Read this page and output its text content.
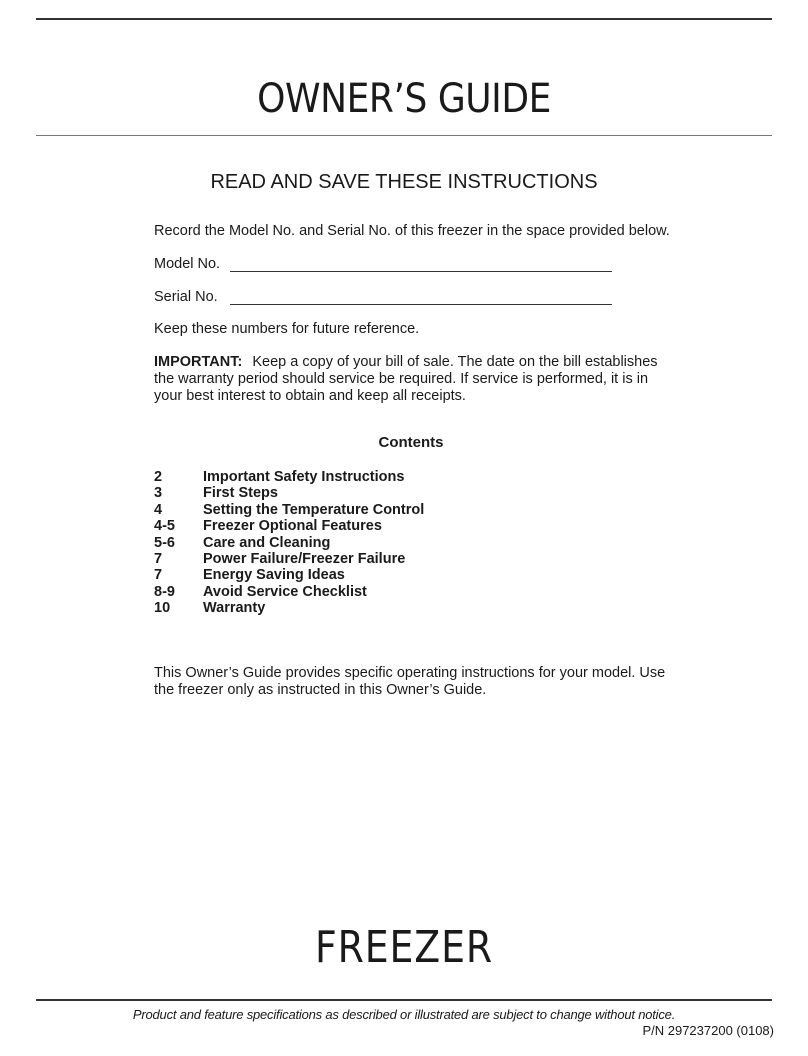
OWNER’S GUIDE
READ AND SAVE THESE INSTRUCTIONS

Record the Model No. and Serial No. of this freezer in the space provided below.

Model No.
Serial No.

Keep these numbers for future reference.

IMPORTANT: Keep a copy of your bill of sale. The date on the bill establishes the warranty period should service be required. If service is performed, it is in your best interest to obtain and keep all receipts.

Contents
2	Important Safety Instructions
3	First Steps
4	Setting the Temperature Control
4-5 Freezer Optional Features
5-6 Care and Cleaning
7	Power Failure/Freezer Failure
7	Energy Saving Ideas
8-9 Avoid Service Checklist
10 Warranty

This Owner’s Guide provides specific operating instructions for your model. Use the freezer only as instructed in this Owner’s Guide.

FREEZER

Product and feature specifications as described or illustrated are subject to change without notice.

P/N 297237200 (0108)
